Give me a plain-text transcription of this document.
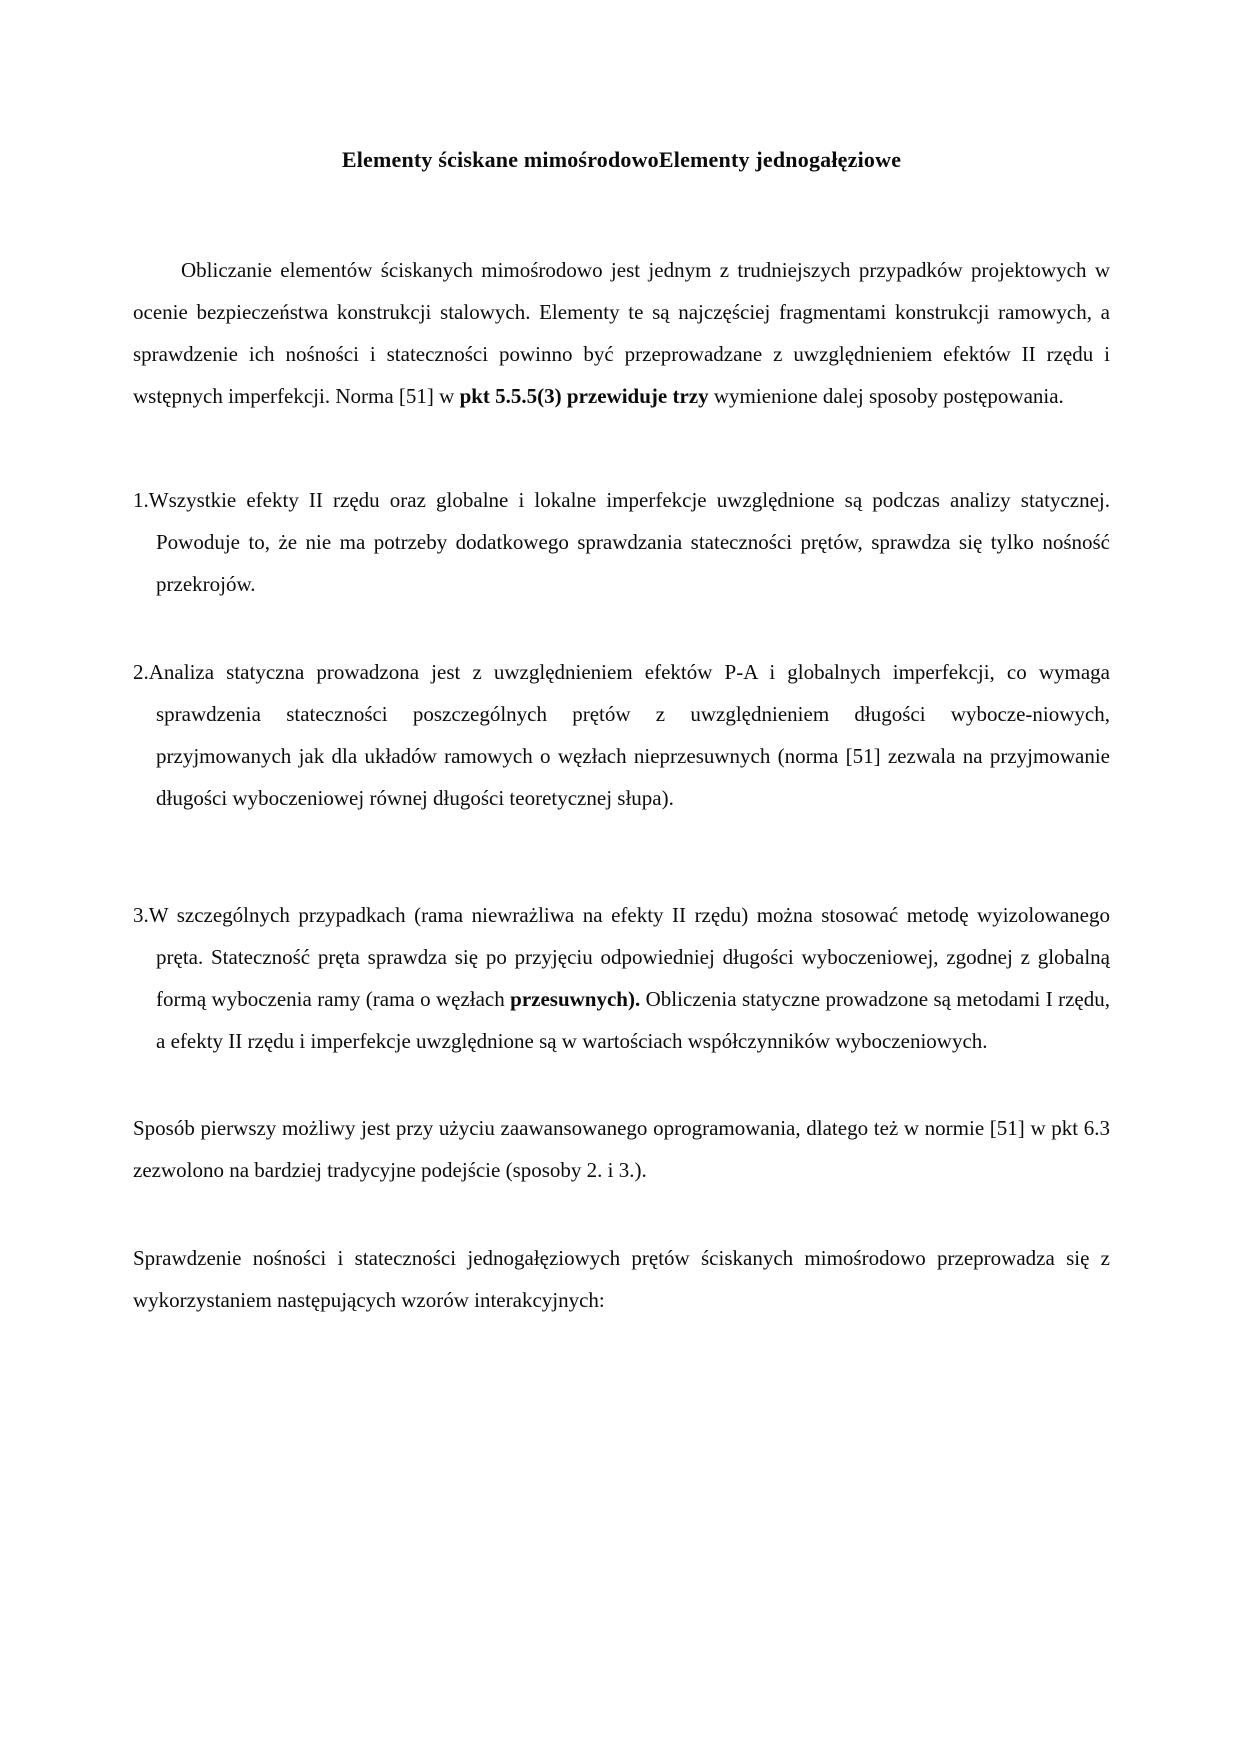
Elementy ściskane mimośrodowoElementy jednogałęziowe

Obliczanie elementów ściskanych mimośrodowo jest jednym z trudniejszych przypadków projektowych w ocenie bezpieczeństwa konstrukcji stalowych. Elementy te są najczęściej fragmentami konstrukcji ramowych, a sprawdzenie ich nośności i stateczności powinno być przeprowadzane z uwzględnieniem efektów II rzędu i wstępnych imperfekcji. Norma [51] w pkt 5.5.5(3) przewiduje trzy wymienione dalej sposoby postępowania.

1.Wszystkie efekty II rzędu oraz globalne i lokalne imperfekcje uwzględnione są podczas analizy statycznej. Powoduje to, że nie ma potrzeby dodatkowego sprawdzania stateczności prętów, sprawdza się tylko nośność przekrojów.

2.Analiza statyczna prowadzona jest z uwzględnieniem efektów P-A i globalnych imperfekcji, co wymaga sprawdzenia stateczności poszczególnych prętów z uwzględnieniem długości wybocze-niowych, przyjmowanych jak dla układów ramowych o węzłach nieprzesuwnych (norma [51] zezwala na przyjmowanie długości wyboczeniowej równej długości teoretycznej słupa).

3.W szczególnych przypadkach (rama niewrażliwa na efekty II rzędu) można stosować metodę wyizolowanego pręta. Stateczność pręta sprawdza się po przyjęciu odpowiedniej długości wyboczeniowej, zgodnej z globalną formą wyboczenia ramy (rama o węzłach przesuwnych). Obliczenia statyczne prowadzone są metodami I rzędu, a efekty II rzędu i imperfekcje uwzględnione są w wartościach współczynników wyboczeniowych.

Sposób pierwszy możliwy jest przy użyciu zaawansowanego oprogramowania, dlatego też w normie [51] w pkt 6.3 zezwolono na bardziej tradycyjne podejście (sposoby 2. i 3.).

Sprawdzenie nośności i stateczności jednogałęziowych prętów ściskanych mimośrodowo przeprowadza się z wykorzystaniem następujących wzorów interakcyjnych:
